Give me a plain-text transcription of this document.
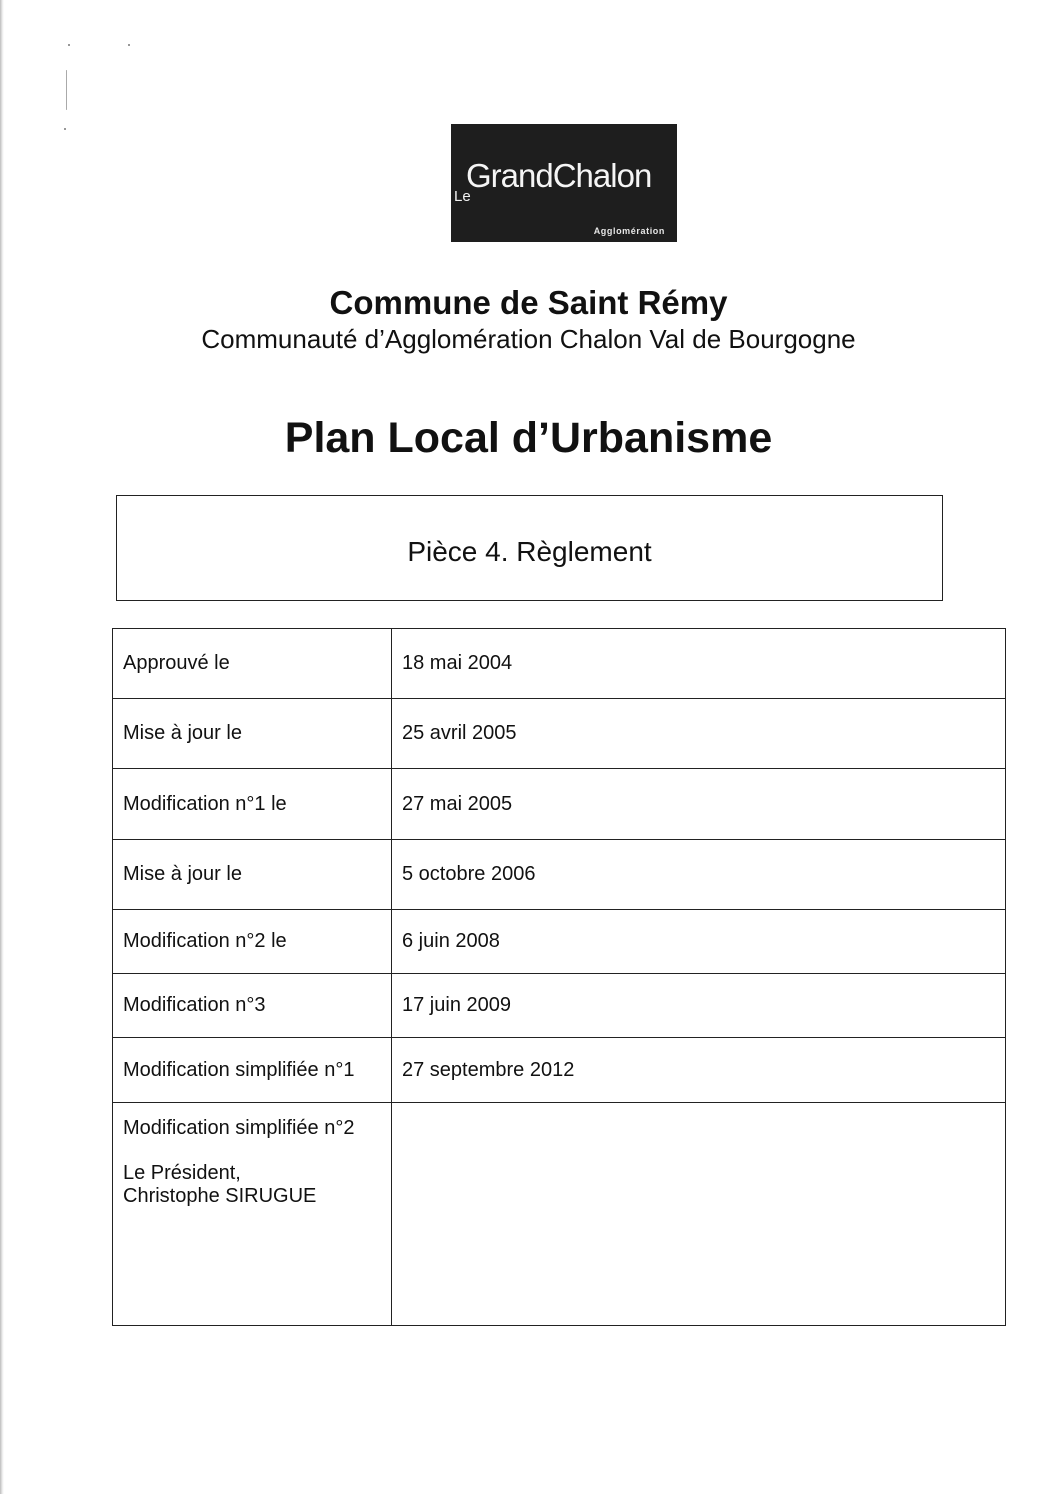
Le
GrandChalon
Agglomération
Commune de Saint Rémy
Communauté d’Agglomération Chalon Val de Bourgogne
Plan Local d’Urbanisme
Pièce 4. Règlement
Approuvé le	18 mai 2004
Mise à jour le	25 avril 2005
Modification n°1 le	27 mai 2005
Mise à jour le	5 octobre 2006
Modification n°2 le	6 juin 2008
Modification n°3	17 juin 2009
Modification simplifiée n°1	27 septembre 2012

Modification simplifiée n°2
Le Président,
Christophe SIRUGUE	
